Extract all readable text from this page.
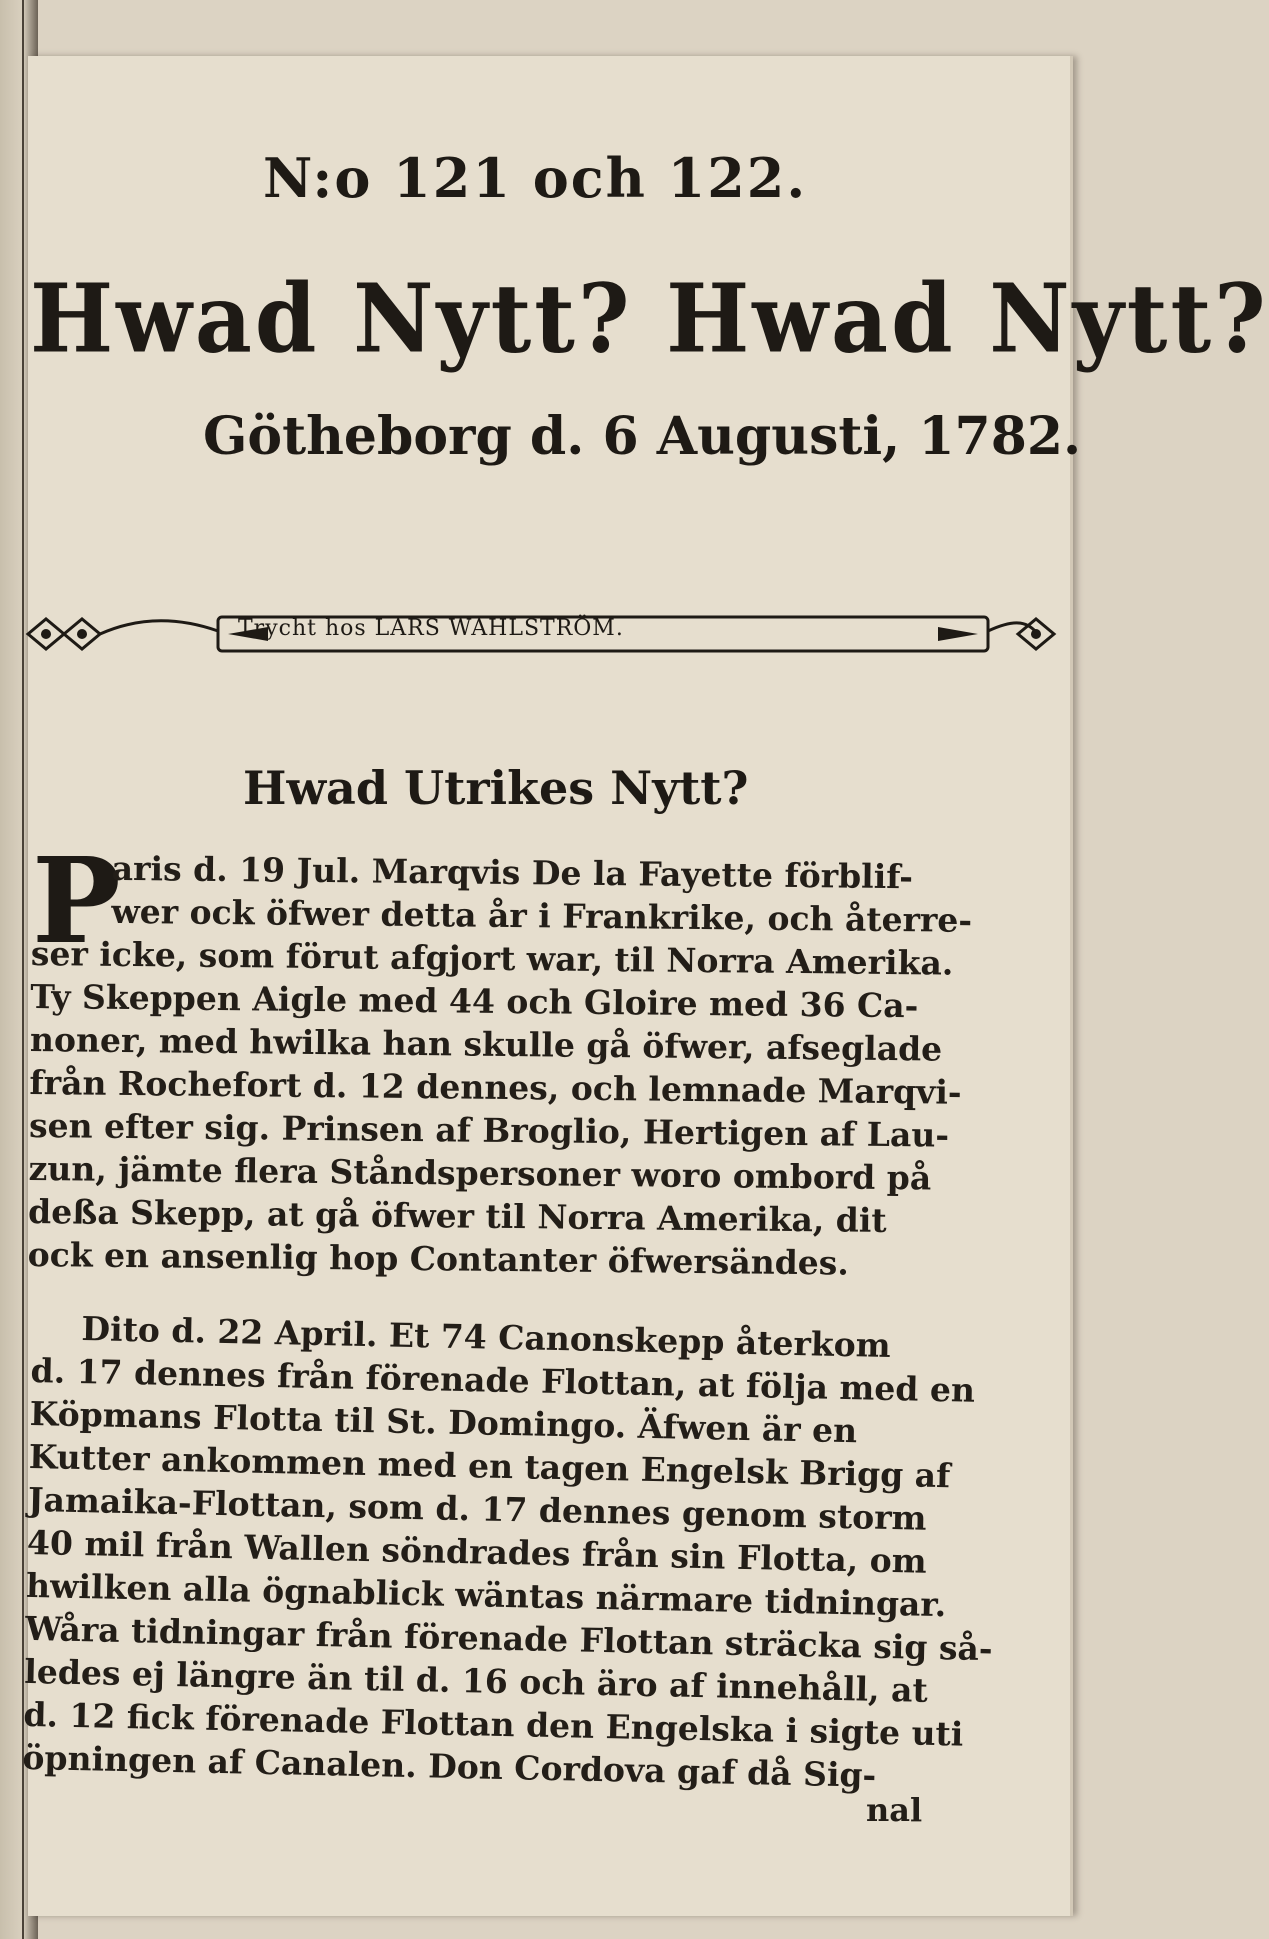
N:o 121 och 122.
Hwad Nytt? Hwad Nytt?
Götheborg d. 6 Augusti, 1782.
Trycht hos LARS WAHLSTRÖM.
Hwad Utrikes Nytt?
P
aris d. 19 Jul. Marqvis De la Fayette förblif-
wer ock öfwer detta år i Frankrike, och återre-
ser icke, som förut afgjort war, til Norra Amerika.
Ty Skeppen Aigle med 44 och Gloire med 36 Ca-
noner, med hwilka han skulle gå öfwer, afseglade
från Rochefort d. 12 dennes, och lemnade Marqvi-
sen efter sig. Prinsen af Broglio, Hertigen af Lau-
zun, jämte flera Ståndspersoner woro ombord på
deßa Skepp, at gå öfwer til Norra Amerika, dit
ock en ansenlig hop Contanter öfwersändes.
Dito d. 22 April. Et 74 Canonskepp återkom
d. 17 dennes från förenade Flottan, at följa med en
Köpmans Flotta til St. Domingo. Äfwen är en
Kutter ankommen med en tagen Engelsk Brigg af
Jamaika-Flottan, som d. 17 dennes genom storm
40 mil från Wallen söndrades från sin Flotta, om
hwilken alla ögnablick wäntas närmare tidningar.
Wåra tidningar från förenade Flottan sträcka sig så-
ledes ej längre än til d. 16 och äro af innehåll, at
d. 12 fick förenade Flottan den Engelska i sigte uti
öpningen af Canalen. Don Cordova gaf då Sig-
nal
